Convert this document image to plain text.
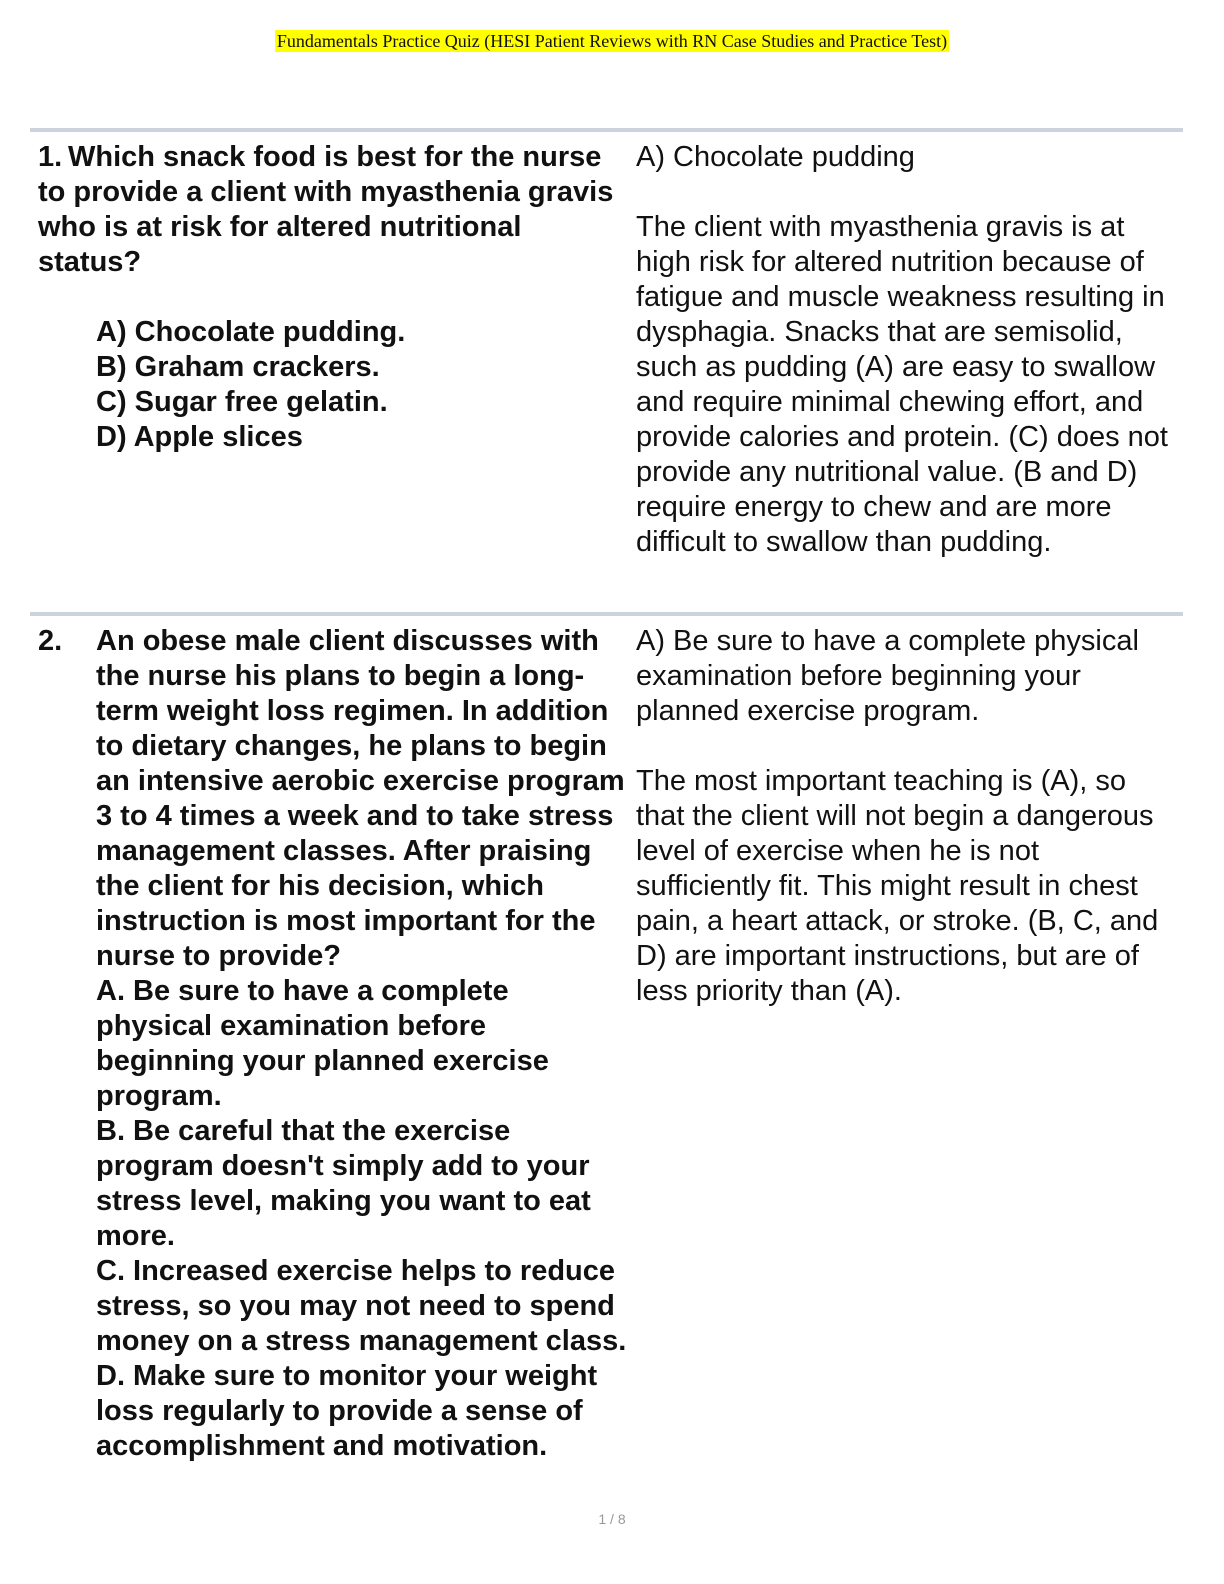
Fundamentals Practice Quiz (HESI Patient Reviews with RN Case Studies and Practice Test)
1. Which snack food is best for the nurse to provide a client with myasthenia gravis who is at risk for altered nutritional status?
A) Chocolate pudding.
B) Graham crackers.
C) Sugar free gelatin.
D) Apple slices
A) Chocolate pudding
The client with myasthenia gravis is at high risk for altered nutrition because of fatigue and muscle weakness resulting in dysphagia. Snacks that are semisolid, such as pudding (A) are easy to swallow and require minimal chewing effort, and provide calories and protein. (C) does not provide any nutritional value. (B and D) require energy to chew and are more difficult to swallow than pudding.
2. An obese male client discusses with the nurse his plans to begin a long-term weight loss regimen. In addition to dietary changes, he plans to begin an intensive aerobic exercise program 3 to 4 times a week and to take stress management classes. After praising the client for his decision, which instruction is most important for the nurse to provide?
A. Be sure to have a complete physical examination before beginning your planned exercise program.
B. Be careful that the exercise program doesn't simply add to your stress level, making you want to eat more.
C. Increased exercise helps to reduce stress, so you may not need to spend money on a stress management class.
D. Make sure to monitor your weight loss regularly to provide a sense of accomplishment and motivation.
A) Be sure to have a complete physical examination before beginning your planned exercise program.
The most important teaching is (A), so that the client will not begin a dangerous level of exercise when he is not sufficiently fit. This might result in chest pain, a heart attack, or stroke. (B, C, and D) are important instructions, but are of less priority than (A).
1 / 8
